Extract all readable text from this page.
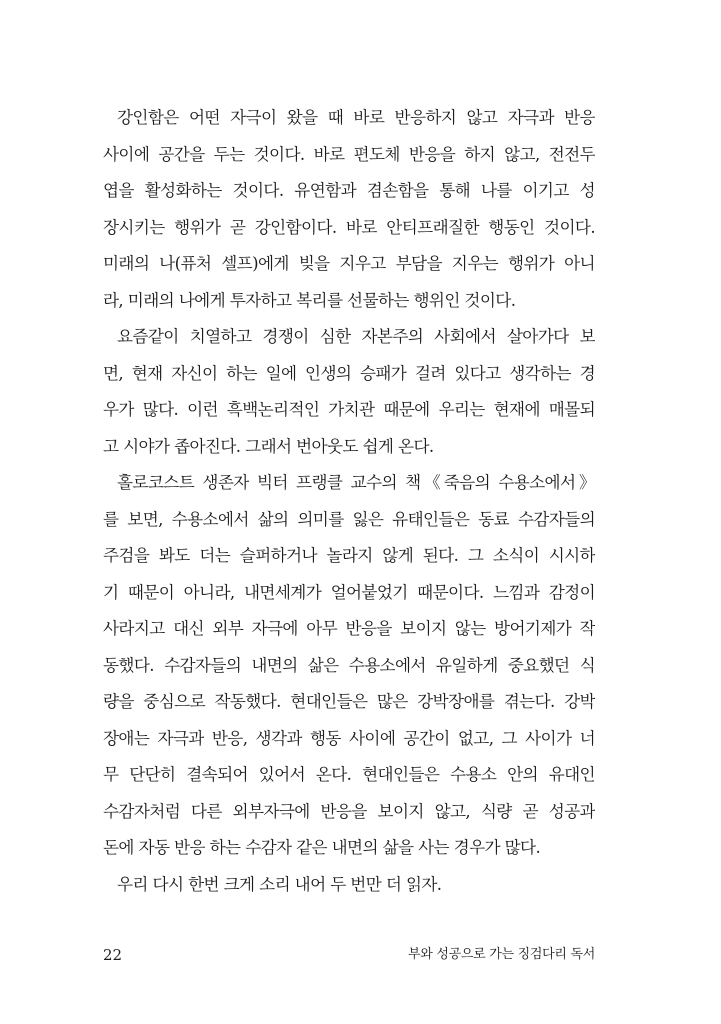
강인함은 어떤 자극이 왔을 때 바로 반응하지 않고 자극과 반응
사이에 공간을 두는 것이다. 바로 편도체 반응을 하지 않고, 전전두
엽을 활성화하는 것이다. 유연함과 겸손함을 통해 나를 이기고 성
장시키는 행위가 곧 강인함이다. 바로 안티프래질한 행동인 것이다.
미래의 나(퓨처 셀프)에게 빚을 지우고 부담을 지우는 행위가 아니
라, 미래의 나에게 투자하고 복리를 선물하는 행위인 것이다.
요즘같이 치열하고 경쟁이 심한 자본주의 사회에서 살아가다 보
면, 현재 자신이 하는 일에 인생의 승패가 걸려 있다고 생각하는 경
우가 많다. 이런 흑백논리적인 가치관 때문에 우리는 현재에 매몰되
고 시야가 좁아진다. 그래서 번아웃도 쉽게 온다.
홀로코스트 생존자 빅터 프랭클 교수의 책《죽음의 수용소에서》
를 보면, 수용소에서 삶의 의미를 잃은 유태인들은 동료 수감자들의
주검을 봐도 더는 슬퍼하거나 놀라지 않게 된다. 그 소식이 시시하
기 때문이 아니라, 내면세계가 얼어붙었기 때문이다. 느낌과 감정이
사라지고 대신 외부 자극에 아무 반응을 보이지 않는 방어기제가 작
동했다. 수감자들의 내면의 삶은 수용소에서 유일하게 중요했던 식
량을 중심으로 작동했다. 현대인들은 많은 강박장애를 겪는다. 강박
장애는 자극과 반응, 생각과 행동 사이에 공간이 없고, 그 사이가 너
무 단단히 결속되어 있어서 온다. 현대인들은 수용소 안의 유대인
수감자처럼 다른 외부자극에 반응을 보이지 않고, 식량 곧 성공과
돈에 자동 반응 하는 수감자 같은 내면의 삶을 사는 경우가 많다.
우리 다시 한번 크게 소리 내어 두 번만 더 읽자.
22	부와 성공으로 가는 징검다리 독서
